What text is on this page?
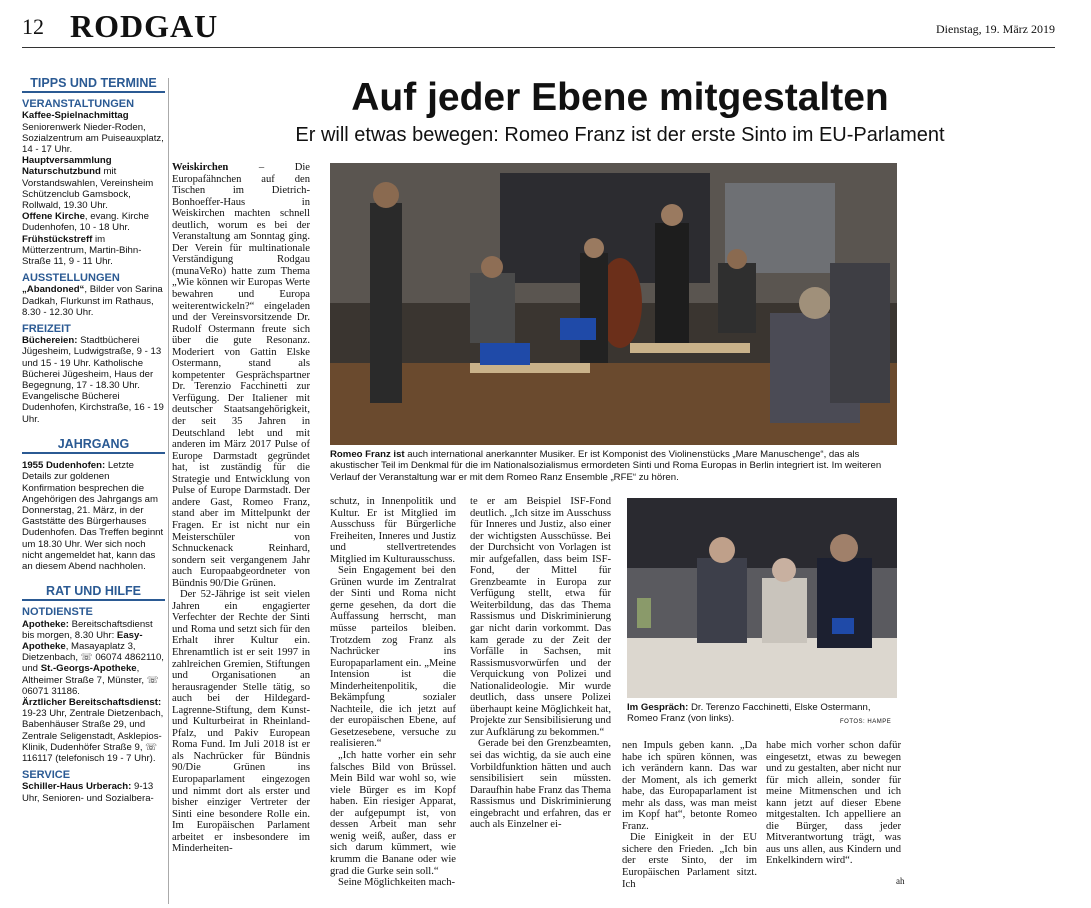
12 RODGAU	Dienstag, 19. März 2019
TIPPS UND TERMINE
VERANSTALTUNGEN

Kaffee-Spielnachmittag Seniorenwerk Nieder-Roden, Sozialzentrum am Puiseauxplatz, 14 - 17 Uhr.

Hauptversammlung Naturschutzbund mit Vorstandswahlen, Vereinsheim Schützenclub Gamsbock, Rollwald, 19.30 Uhr.

Offene Kirche, evang. Kirche Dudenhofen, 10 - 18 Uhr.

Frühstückstreff im Mütterzentrum, Martin-Bihn-Straße 11, 9 - 11 Uhr.

AUSSTELLUNGEN

„Abandoned“, Bilder von Sarina Dadkah, Flurkunst im Rathaus, 8.30 - 12.30 Uhr.

FREIZEIT

Büchereien: Stadtbücherei Jügesheim, Ludwigstraße, 9 - 13 und 15 - 19 Uhr. Katholische Bücherei Jügesheim, Haus der Begegnung, 17 - 18.30 Uhr. Evangelische Bücherei Dudenhofen, Kirchstraße, 16 - 19 Uhr.

JAHRGANG

1955 Dudenhofen: Letzte Details zur goldenen Konfirmation besprechen die Angehörigen des Jahrgangs am Donnerstag, 21. März, in der Gaststätte des Bürgerhauses Dudenhofen. Das Treffen beginnt um 18.30 Uhr. Wer sich noch nicht angemeldet hat, kann das an diesem Abend nachholen.

RAT UND HILFE
NOTDIENSTE

Apotheke: Bereitschaftsdienst bis morgen, 8.30 Uhr: Easy-Apotheke, Masayaplatz 3, Dietzenbach, ☏ 06074 4862110, und St.-Georgs-Apotheke, Altheimer Straße 7, Münster, ☏ 06071 31186.

Ärztlicher Bereitschaftsdienst: 19-23 Uhr, Zentrale Dietzenbach, Babenhäuser Straße 29, und Zentrale Seligenstadt, Asklepios-Klinik, Dudenhöfer Straße 9, ☏ 116117 (telefonisch 19 - 7 Uhr).

SERVICE

Schiller-Haus Urberach: 9-13 Uhr, Senioren- und Sozialbera-

Auf jeder Ebene mitgestalten
Er will etwas bewegen: Romeo Franz ist der erste Sinto im EU-Parlament

Weiskirchen – Die Europafähnchen auf den Tischen im Dietrich-Bonhoeffer-Haus in Weiskirchen machten schnell deutlich, worum es bei der Veranstaltung am Sonntag ging. Der Verein für multinationale Verständigung Rodgau (munaVeRo) hatte zum Thema „Wie können wir Europas Werte bewahren und Europa weiterentwickeln?“ eingeladen und der Vereinsvorsitzende Dr. Rudolf Ostermann freute sich über die gute Resonanz. Moderiert von Gattin Elske Ostermann, stand als kompetenter Gesprächspartner Dr. Terenzio Facchinetti zur Verfügung. Der Italiener mit deutscher Staatsangehörigkeit, der seit 35 Jahren in Deutschland lebt und mit anderen im März 2017 Pulse of Europe Darmstadt gegründet hat, ist zuständig für die Strategie und Entwicklung von Pulse of Europe Darmstadt. Der andere Gast, Romeo Franz, stand aber im Mittelpunkt der Fragen. Er ist nicht nur ein Meisterschüler von Schnuckenack Reinhard, sondern seit vergangenem Jahr auch Europaabgeordneter von Bündnis 90/Die Grünen.

Der 52-Jährige ist seit vielen Jahren ein engagierter Verfechter der Rechte der Sinti und Roma und setzt sich für den Erhalt ihrer Kultur ein. Ehrenamtlich ist er seit 1997 in zahlreichen Gremien, Stiftungen und Organisationen an herausragender Stelle tätig, so auch bei der Hildegard-Lagrenne-Stiftung, dem Kunst- und Kulturbeirat in Rheinland-Pfalz, und Pakiv European Roma Fund. Im Juli 2018 ist er als Nachrücker für Bündnis 90/Die Grünen ins Europaparlament eingezogen und nimmt dort als erster und bisher einziger Vertreter der Sinti eine besondere Rolle ein. Im Europäischen Parlament arbeitet er insbesondere im Minderheiten-

Romeo Franz ist auch international anerkannter Musiker. Er ist Komponist des Violinenstücks „Mare Manuschenge“, das als akustischer Teil im Denkmal für die im Nationalsozialismus ermordeten Sinti und Roma Europas in Berlin integriert ist. Im weiteren Verlauf der Veranstaltung war er mit dem Romeo Ranz Ensemble „RFE“ zu hören.

schutz, in Innenpolitik und Kultur. Er ist Mitglied im Ausschuss für Bürgerliche Freiheiten, Inneres und Justiz und stellvertretendes Mitglied im Kulturausschuss.

Sein Engagement bei den Grünen wurde im Zentralrat der Sinti und Roma nicht gerne gesehen, da dort die Auffassung herrscht, man müsse parteilos bleiben. Trotzdem zog Franz als Nachrücker ins Europaparlament ein. „Meine Intension ist die Minderheitenpolitik, die Bekämpfung sozialer Nachteile, die ich jetzt auf der europäischen Ebene, auf Gesetzesebene, versuche zu realisieren.“

„Ich hatte vorher ein sehr falsches Bild von Brüssel. Mein Bild war wohl so, wie viele Bürger es im Kopf haben. Ein riesiger Apparat, der aufgepumpt ist, von dessen Arbeit man sehr wenig weiß, außer, dass er sich darum kümmert, wie krumm die Banane oder wie grad die Gurke sein soll.“

Seine Möglichkeiten mach-

te er am Beispiel ISF-Fond deutlich. „Ich sitze im Ausschuss für Inneres und Justiz, also einer der wichtigsten Ausschüsse. Bei der Durchsicht von Vorlagen ist mir aufgefallen, dass beim ISF-Fond, der Mittel für Grenzbeamte in Europa zur Verfügung stellt, etwa für Weiterbildung, das das Thema Rassismus und Diskriminierung gar nicht darin vorkommt. Das kam gerade zu der Zeit der Vorfälle in Sachsen, mit Rassismusvorwürfen und der Verquickung von Polizei und Nationalideologie. Mir wurde deutlich, dass unsere Polizei überhaupt keine Möglichkeit hat, Projekte zur Sensibilisierung und zur Aufklärung zu bekommen.“

Gerade bei den Grenzbeamten, sei das wichtig, da sie auch eine Vorbildfunktion hätten und auch sensibilisiert sein müssten. Daraufhin habe Franz das Thema Rassismus und Diskriminierung eingebracht und erfahren, das er auch als Einzelner ei-

Im Gespräch: Dr. Terenzo Facchinetti, Elske Ostermann, Romeo Franz (von links).	FOTOS: HAMPE

nen Impuls geben kann. „Da habe ich spüren können, was ich verändern kann. Das war der Moment, als ich gemerkt habe, das Europaparlament ist mehr als dass, was man meist im Kopf hat“, betonte Romeo Franz.

Die Einigkeit in der EU sichere den Frieden. „Ich bin der erste Sinto, der im Europäischen Parlament sitzt. Ich

habe mich vorher schon dafür eingesetzt, etwas zu bewegen und zu gestalten, aber nicht nur für mich allein, sonder für meine Mitmenschen und ich kann jetzt auf dieser Ebene mitgestalten. Ich appelliere an die Bürger, dass jeder Mitverantwortung trägt, was aus uns allen, aus Kindern und Enkelkindern wird“.

ah
